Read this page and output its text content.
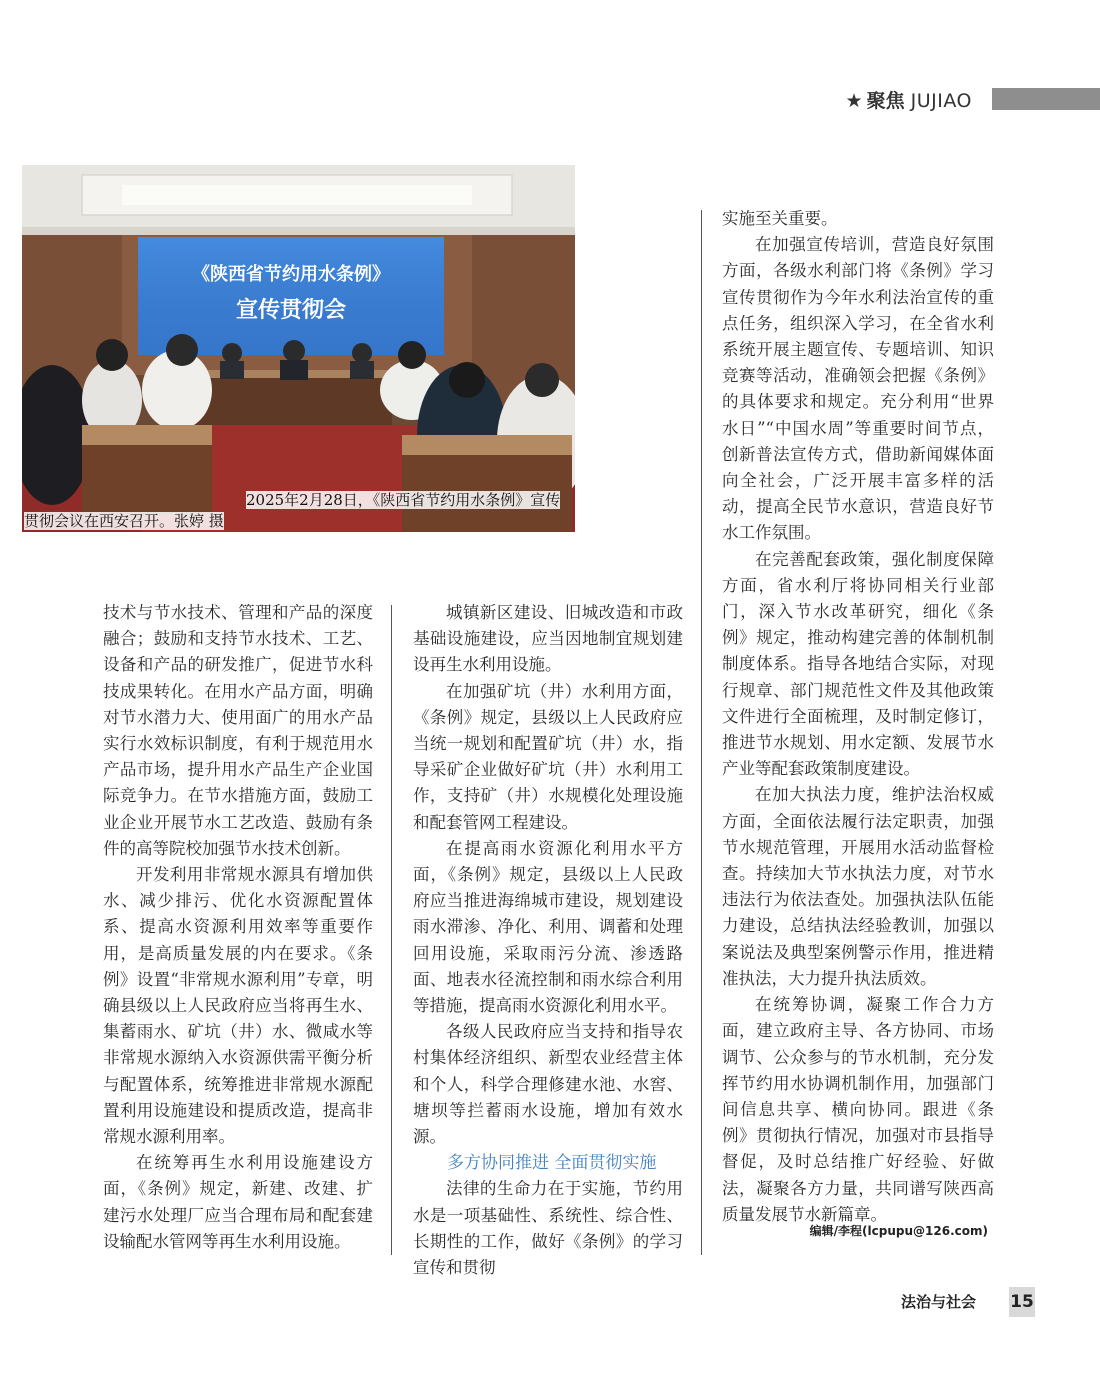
★ 聚焦 JUJIAO
《陕西省节约用水条例》
宣传贯彻会
2025年2月28日，《陕西省节约用水条例》宣传贯彻会议在西安召开。张婷 摄

技术与节水技术、管理和产品的深度融合；鼓励和支持节水技术、工艺、设备和产品的研发推广，促进节水科技成果转化。在用水产品方面，明确对节水潜力大、使用面广的用水产品实行水效标识制度，有利于规范用水产品市场，提升用水产品生产企业国际竞争力。在节水措施方面，鼓励工业企业开展节水工艺改造、鼓励有条件的高等院校加强节水技术创新。

开发利用非常规水源具有增加供水、减少排污、优化水资源配置体系、提高水资源利用效率等重要作用，是高质量发展的内在要求。《条例》设置“非常规水源利用”专章，明确县级以上人民政府应当将再生水、集蓄雨水、矿坑（井）水、微咸水等非常规水源纳入水资源供需平衡分析与配置体系，统筹推进非常规水源配置利用设施建设和提质改造，提高非常规水源利用率。

在统筹再生水利用设施建设方面，《条例》规定，新建、改建、扩建污水处理厂应当合理布局和配套建设输配水管网等再生水利用设施。

城镇新区建设、旧城改造和市政基础设施建设，应当因地制宜规划建设再生水利用设施。

在加强矿坑（井）水利用方面，《条例》规定，县级以上人民政府应当统一规划和配置矿坑（井）水，指导采矿企业做好矿坑（井）水利用工作，支持矿（井）水规模化处理设施和配套管网工程建设。

在提高雨水资源化利用水平方面，《条例》规定，县级以上人民政府应当推进海绵城市建设，规划建设雨水滞渗、净化、利用、调蓄和处理回用设施，采取雨污分流、渗透路面、地表水径流控制和雨水综合利用等措施，提高雨水资源化利用水平。

各级人民政府应当支持和指导农村集体经济组织、新型农业经营主体和个人，科学合理修建水池、水窖、塘坝等拦蓄雨水设施，增加有效水源。

多方协同推进 全面贯彻实施

法律的生命力在于实施，节约用水是一项基础性、系统性、综合性、长期性的工作，做好《条例》的学习宣传和贯彻

实施至关重要。

在加强宣传培训，营造良好氛围方面，各级水利部门将《条例》学习宣传贯彻作为今年水利法治宣传的重点任务，组织深入学习，在全省水利系统开展主题宣传、专题培训、知识竞赛等活动，准确领会把握《条例》的具体要求和规定。充分利用“世界水日”“中国水周”等重要时间节点，创新普法宣传方式，借助新闻媒体面向全社会，广泛开展丰富多样的活动，提高全民节水意识，营造良好节水工作氛围。

在完善配套政策，强化制度保障方面，省水利厅将协同相关行业部门，深入节水改革研究，细化《条例》规定，推动构建完善的体制机制制度体系。指导各地结合实际，对现行规章、部门规范性文件及其他政策文件进行全面梳理，及时制定修订，推进节水规划、用水定额、发展节水产业等配套政策制度建设。

在加大执法力度，维护法治权威方面，全面依法履行法定职责，加强节水规范管理，开展用水活动监督检查。持续加大节水执法力度，对节水违法行为依法查处。加强执法队伍能力建设，总结执法经验教训，加强以案说法及典型案例警示作用，推进精准执法，大力提升执法质效。

在统筹协调，凝聚工作合力方面，建立政府主导、各方协同、市场调节、公众参与的节水机制，充分发挥节约用水协调机制作用，加强部门间信息共享、横向协同。跟进《条例》贯彻执行情况，加强对市县指导督促，及时总结推广好经验、好做法，凝聚各方力量，共同谱写陕西高质量发展节水新篇章。

编辑/李程(lcpupu@126.com)
法治与社会 15
